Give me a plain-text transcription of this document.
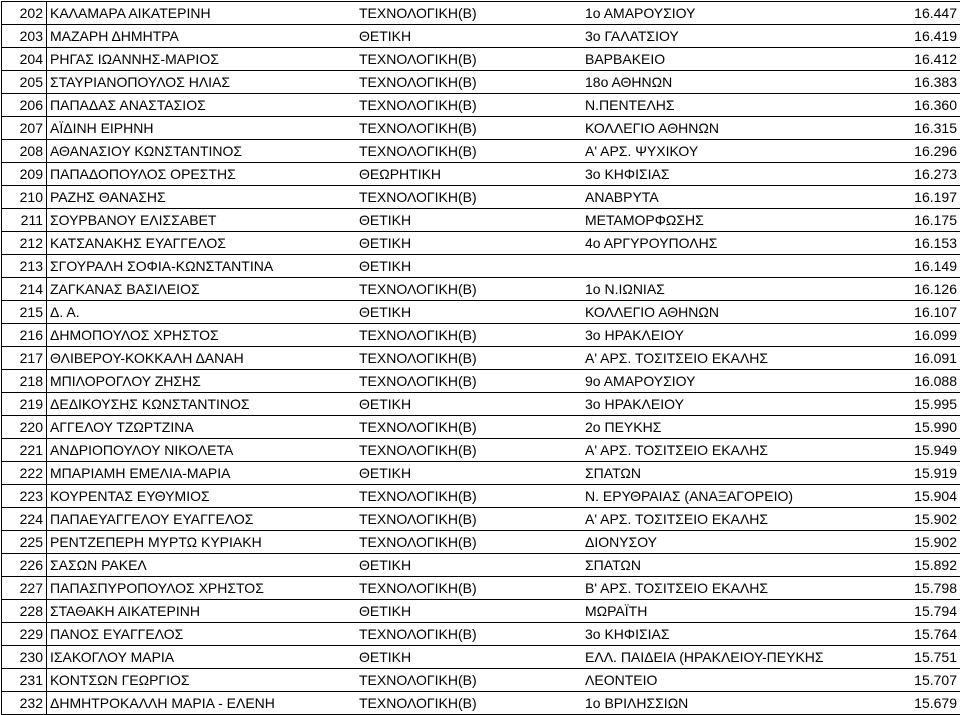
202	ΚΑΛΑΜΑΡΑ ΑΙΚΑΤΕΡΙΝΗ	ΤΕΧΝΟΛΟΓΙΚΗ(Β)	1ο ΑΜΑΡΟΥΣΙΟΥ	16.447
203	ΜΑΖΑΡΗ ΔΗΜΗΤΡΑ	ΘΕΤΙΚΗ	3ο ΓΑΛΑΤΣΙΟΥ	16.419
204	ΡΗΓΑΣ ΙΩΑΝΝΗΣ-ΜΑΡΙΟΣ	ΤΕΧΝΟΛΟΓΙΚΗ(Β)	ΒΑΡΒΑΚΕΙΟ	16.412
205	ΣΤΑΥΡΙΑΝΟΠΟΥΛΟΣ ΗΛΙΑΣ	ΤΕΧΝΟΛΟΓΙΚΗ(Β)	18ο ΑΘΗΝΩΝ	16.383
206	ΠΑΠΑΔΑΣ ΑΝΑΣΤΑΣΙΟΣ	ΤΕΧΝΟΛΟΓΙΚΗ(Β)	Ν.ΠΕΝΤΕΛΗΣ	16.360
207	ΑΪΔΙΝΗ ΕΙΡΗΝΗ	ΤΕΧΝΟΛΟΓΙΚΗ(Β)	ΚΟΛΛΕΓΙΟ ΑΘΗΝΩΝ	16.315
208	ΑΘΑΝΑΣΙΟΥ ΚΩΝΣΤΑΝΤΙΝΟΣ	ΤΕΧΝΟΛΟΓΙΚΗ(Β)	Α' ΑΡΣ. ΨΥΧΙΚΟΥ	16.296
209	ΠΑΠΑΔΟΠΟΥΛΟΣ ΟΡΕΣΤΗΣ	ΘΕΩΡΗΤΙΚΗ	3ο ΚΗΦΙΣΙΑΣ	16.273
210	ΡΑΖΗΣ ΘΑΝΑΣΗΣ	ΤΕΧΝΟΛΟΓΙΚΗ(Β)	ΑΝΑΒΡΥΤΑ	16.197
211	ΣΟΥΡΒΑΝΟΥ ΕΛΙΣΣΑΒΕΤ	ΘΕΤΙΚΗ	ΜΕΤΑΜΟΡΦΩΣΗΣ	16.175
212	ΚΑΤΣΑΝΑΚΗΣ ΕΥΑΓΓΕΛΟΣ	ΘΕΤΙΚΗ	4ο ΑΡΓΥΡΟΥΠΟΛΗΣ	16.153
213	ΣΓΟΥΡΑΛΗ ΣΟΦΙΑ-ΚΩΝΣΤΑΝΤΙΝΑ	ΘΕΤΙΚΗ		16.149
214	ΖΑΓΚΑΝΑΣ ΒΑΣΙΛΕΙΟΣ	ΤΕΧΝΟΛΟΓΙΚΗ(Β)	1ο Ν.ΙΩΝΙΑΣ	16.126
215	Δ. Α.	ΘΕΤΙΚΗ	ΚΟΛΛΕΓΙΟ ΑΘΗΝΩΝ	16.107
216	ΔΗΜΟΠΟΥΛΟΣ ΧΡΗΣΤΟΣ	ΤΕΧΝΟΛΟΓΙΚΗ(Β)	3ο ΗΡΑΚΛΕΙΟΥ	16.099
217	ΘΛΙΒΕΡΟΥ-ΚΟΚΚΑΛΗ ΔΑΝΑΗ	ΤΕΧΝΟΛΟΓΙΚΗ(Β)	Α' ΑΡΣ. ΤΟΣΙΤΣΕΙΟ ΕΚΑΛΗΣ	16.091
218	ΜΠΙΛΟΡΟΓΛΟΥ ΖΗΣΗΣ	ΤΕΧΝΟΛΟΓΙΚΗ(Β)	9ο ΑΜΑΡΟΥΣΙΟΥ	16.088
219	ΔΕΔΙΚΟΥΣΗΣ ΚΩΝΣΤΑΝΤΙΝΟΣ	ΘΕΤΙΚΗ	3ο ΗΡΑΚΛΕΙΟΥ	15.995
220	ΑΓΓΕΛΟΥ ΤΖΩΡΤΖΙΝΑ	ΤΕΧΝΟΛΟΓΙΚΗ(Β)	2ο ΠΕΥΚΗΣ	15.990
221	ΑΝΔΡΙΟΠΟΥΛΟΥ ΝΙΚΟΛΕΤΑ	ΤΕΧΝΟΛΟΓΙΚΗ(Β)	Α' ΑΡΣ. ΤΟΣΙΤΣΕΙΟ ΕΚΑΛΗΣ	15.949
222	ΜΠΑΡΙΑΜΗ ΕΜΕΛΙΑ-ΜΑΡΙΑ	ΘΕΤΙΚΗ	ΣΠΑΤΩΝ	15.919
223	ΚΟΥΡΕΝΤΑΣ ΕΥΘΥΜΙΟΣ	ΤΕΧΝΟΛΟΓΙΚΗ(Β)	Ν. ΕΡΥΘΡΑΙΑΣ (ΑΝΑΞΑΓΟΡΕΙΟ)	15.904
224	ΠΑΠΑΕΥΑΓΓΕΛΟΥ ΕΥΑΓΓΕΛΟΣ	ΤΕΧΝΟΛΟΓΙΚΗ(Β)	Α' ΑΡΣ. ΤΟΣΙΤΣΕΙΟ ΕΚΑΛΗΣ	15.902
225	ΡΕΝΤΖΕΠΕΡΗ ΜΥΡΤΩ ΚΥΡΙΑΚΗ	ΤΕΧΝΟΛΟΓΙΚΗ(Β)	ΔΙΟΝΥΣΟΥ	15.902
226	ΣΑΣΩΝ ΡΑΚΕΛ	ΘΕΤΙΚΗ	ΣΠΑΤΩΝ	15.892
227	ΠΑΠΑΣΠΥΡΟΠΟΥΛΟΣ ΧΡΗΣΤΟΣ	ΤΕΧΝΟΛΟΓΙΚΗ(Β)	Β' ΑΡΣ. ΤΟΣΙΤΣΕΙΟ ΕΚΑΛΗΣ	15.798
228	ΣΤΑΘΑΚΗ ΑΙΚΑΤΕΡΙΝΗ	ΘΕΤΙΚΗ	ΜΩΡΑΪΤΗ	15.794
229	ΠΑΝΟΣ ΕΥΑΓΓΕΛΟΣ	ΤΕΧΝΟΛΟΓΙΚΗ(Β)	3ο ΚΗΦΙΣΙΑΣ	15.764
230	ΙΣΑΚΟΓΛΟΥ ΜΑΡΙΑ	ΘΕΤΙΚΗ	ΕΛΛ. ΠΑΙΔΕΙΑ (ΗΡΑΚΛΕΙΟΥ-ΠΕΥΚΗΣ	15.751
231	ΚΟΝΤΣΩΝ ΓΕΩΡΓΙΟΣ	ΤΕΧΝΟΛΟΓΙΚΗ(Β)	ΛΕΟΝΤΕΙΟ	15.707
232	ΔΗΜΗΤΡΟΚΑΛΛΗ ΜΑΡΙΑ - ΕΛΕΝΗ	ΤΕΧΝΟΛΟΓΙΚΗ(Β)	1ο ΒΡΙΛΗΣΣΙΩΝ	15.679
